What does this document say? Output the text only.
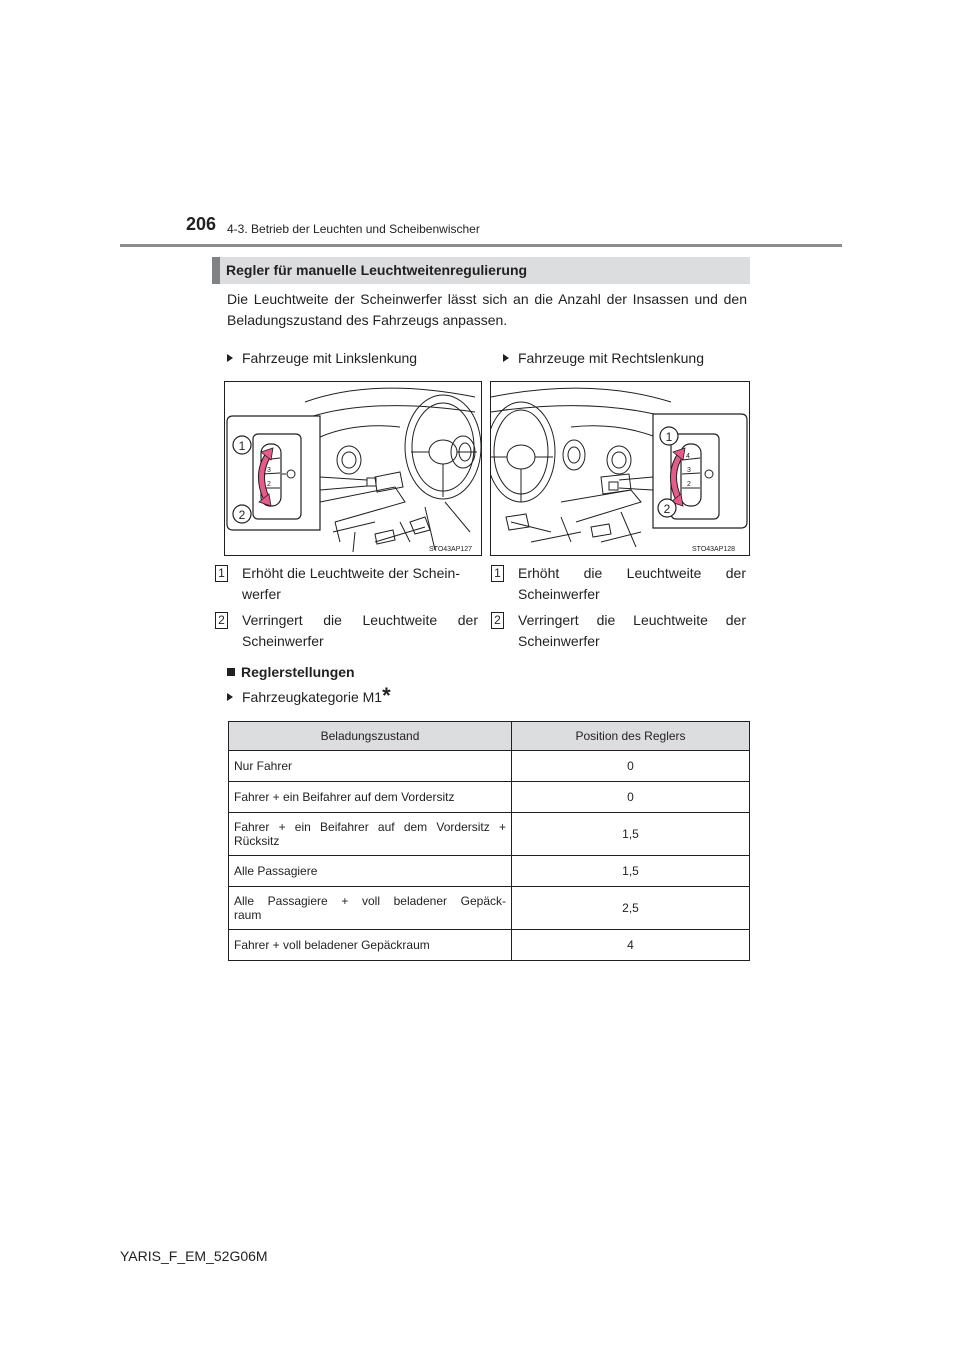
206 4-3. Betrieb der Leuchten und Scheibenwischer
Regler für manuelle Leuchtweitenregulierung
Die Leuchtweite der Scheinwerfer lässt sich an die Anzahl der Insassen und den Beladungszustand des Fahrzeugs anpassen.
Fahrzeuge mit Linkslenkung	Fahrzeuge mit Rechtslenkung
3
2
1
2
STO43AP127
4
3
2
1
2
STO43AP128
1 Erhöht die Leuchtweite der Schein-
werfer
2 Verringert die Leuchtweite der
Scheinwerfer
1 Erhöht die Leuchtweite der
Scheinwerfer
2 Verringert die Leuchtweite der
Scheinwerfer
Reglerstellungen
Fahrzeugkategorie M1*
Beladungszustand	Position des Reglers

Nur Fahrer	0

Fahrer + ein Beifahrer auf dem Vordersitz	0

Fahrer + ein Beifahrer auf dem Vordersitz +
Rücksitz	1,5

Alle Passagiere	1,5

Alle Passagiere + voll beladener Gepäck-
raum	2,5

Fahrer + voll beladener Gepäckraum	4
YARIS_F_EM_52G06M
